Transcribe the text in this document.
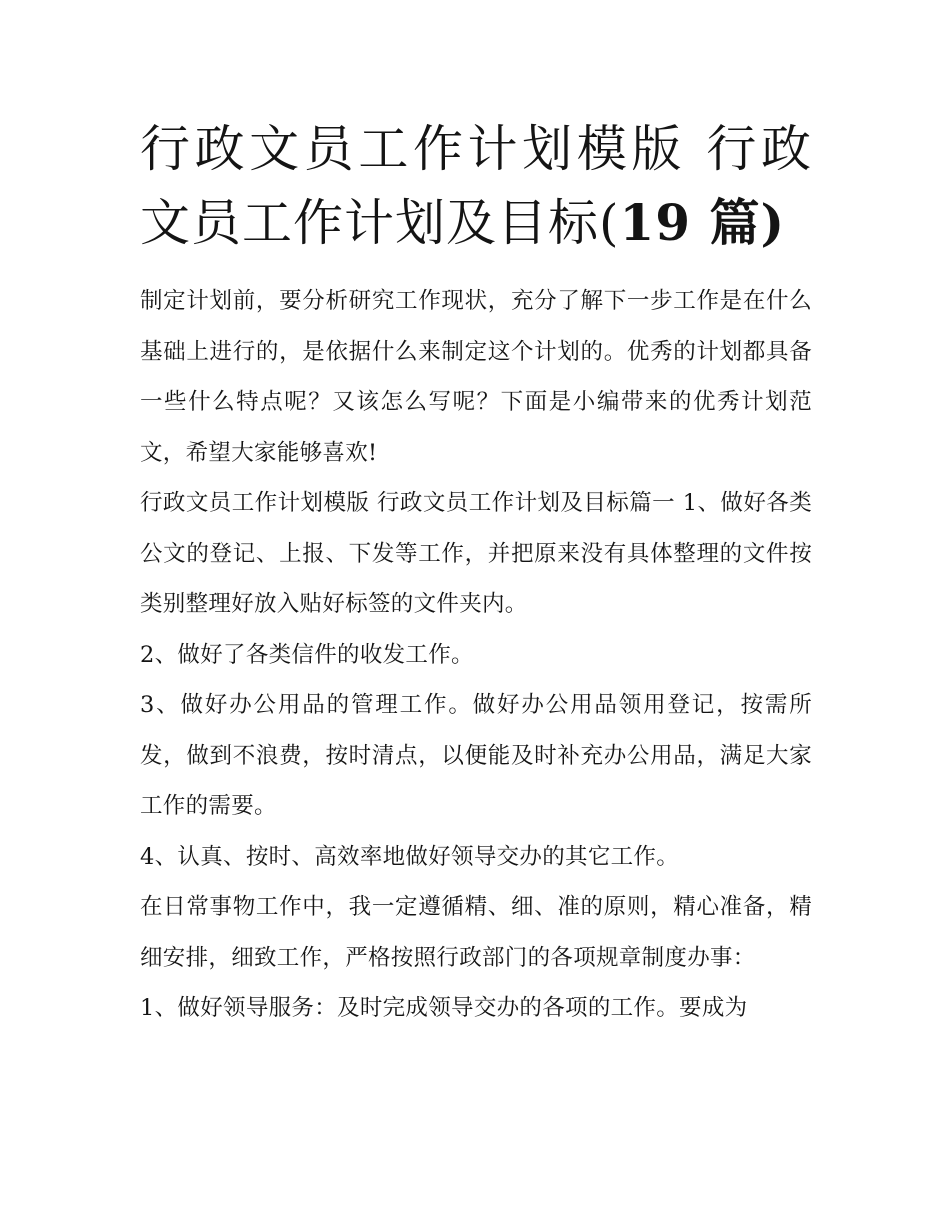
行政文员工作计划模版 行政文员工作计划及目标(19 篇)

制定计划前，要分析研究工作现状，充分了解下一步工作是在什么基础上进行的，是依据什么来制定这个计划的。优秀的计划都具备一些什么特点呢？又该怎么写呢？下面是小编带来的优秀计划范文，希望大家能够喜欢!

行政文员工作计划模版 行政文员工作计划及目标篇一 1、做好各类公文的登记、上报、下发等工作，并把原来没有具体整理的文件按类别整理好放入贴好标签的文件夹内。

2、做好了各类信件的收发工作。

3、做好办公用品的管理工作。做好办公用品领用登记，按需所发，做到不浪费，按时清点，以便能及时补充办公用品，满足大家工作的需要。

4、认真、按时、高效率地做好领导交办的其它工作。

在日常事物工作中，我一定遵循精、细、准的原则，精心准备，精细安排，细致工作，严格按照行政部门的各项规章制度办事：

1、做好领导服务：及时完成领导交办的各项的工作。要成为
